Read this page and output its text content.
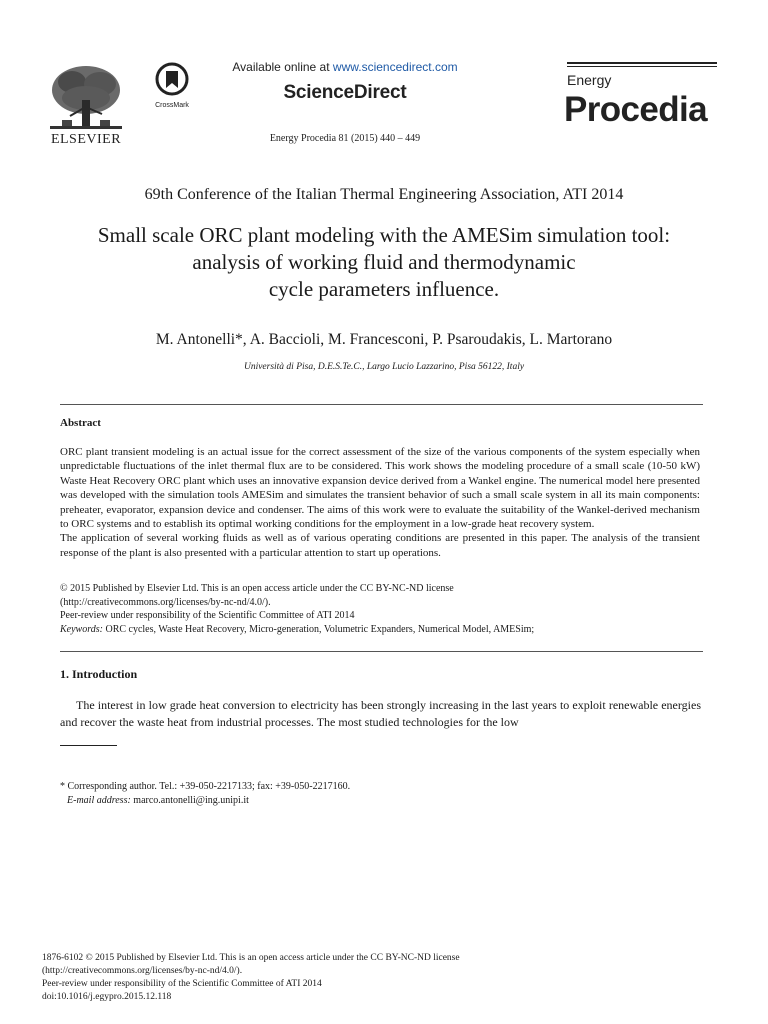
ELSEVIER
CrossMark
Available online at www.sciencedirect.com
ScienceDirect
Energy Procedia 81 (2015) 440 – 449
Energy
Procedia
69th Conference of the Italian Thermal Engineering Association, ATI 2014
Small scale ORC plant modeling with the AMESim simulation tool:
analysis of working fluid and thermodynamic
cycle parameters influence.
M. Antonelli*, A. Baccioli, M. Francesconi, P. Psaroudakis, L. Martorano
Università di Pisa, D.E.S.Te.C., Largo Lucio Lazzarino, Pisa 56122, Italy
Abstract

ORC plant transient modeling is an actual issue for the correct assessment of the size of the various components of the system especially when unpredictable fluctuations of the inlet thermal flux are to be considered. This work shows the modeling procedure of a small scale (10-50 kW) Waste Heat Recovery ORC plant which uses an innovative expansion device derived from a Wankel engine. The numerical model here presented was developed with the simulation tools AMESim and simulates the transient behavior of such a small scale system in all its main components: preheater, evaporator, expansion device and condenser. The aims of this work were to evaluate the suitability of the Wankel-derived mechanism to ORC systems and to establish its optimal working conditions for the employment in a low-grade heat recovery system.

The application of several working fluids as well as of various operating conditions are presented in this paper. The analysis of the transient response of the plant is also presented with a particular attention to start up operations.

© 2015 Published by Elsevier Ltd. This is an open access article under the CC BY-NC-ND license
(http://creativecommons.org/licenses/by-nc-nd/4.0/).
Peer-review under responsibility of the Scientific Committee of ATI 2014
Keywords: ORC cycles, Waste Heat Recovery, Micro-generation, Volumetric Expanders, Numerical Model, AMESim;
1. Introduction
The interest in low grade heat conversion to electricity has been strongly increasing in the last years to exploit renewable energies and recover the waste heat from industrial processes. The most studied technologies for the low
* Corresponding author. Tel.: +39-050-2217133; fax: +39-050-2217160.
E-mail address: marco.antonelli@ing.unipi.it
1876-6102 © 2015 Published by Elsevier Ltd. This is an open access article under the CC BY-NC-ND license
(http://creativecommons.org/licenses/by-nc-nd/4.0/).
Peer-review under responsibility of the Scientific Committee of ATI 2014
doi:10.1016/j.egypro.2015.12.118
